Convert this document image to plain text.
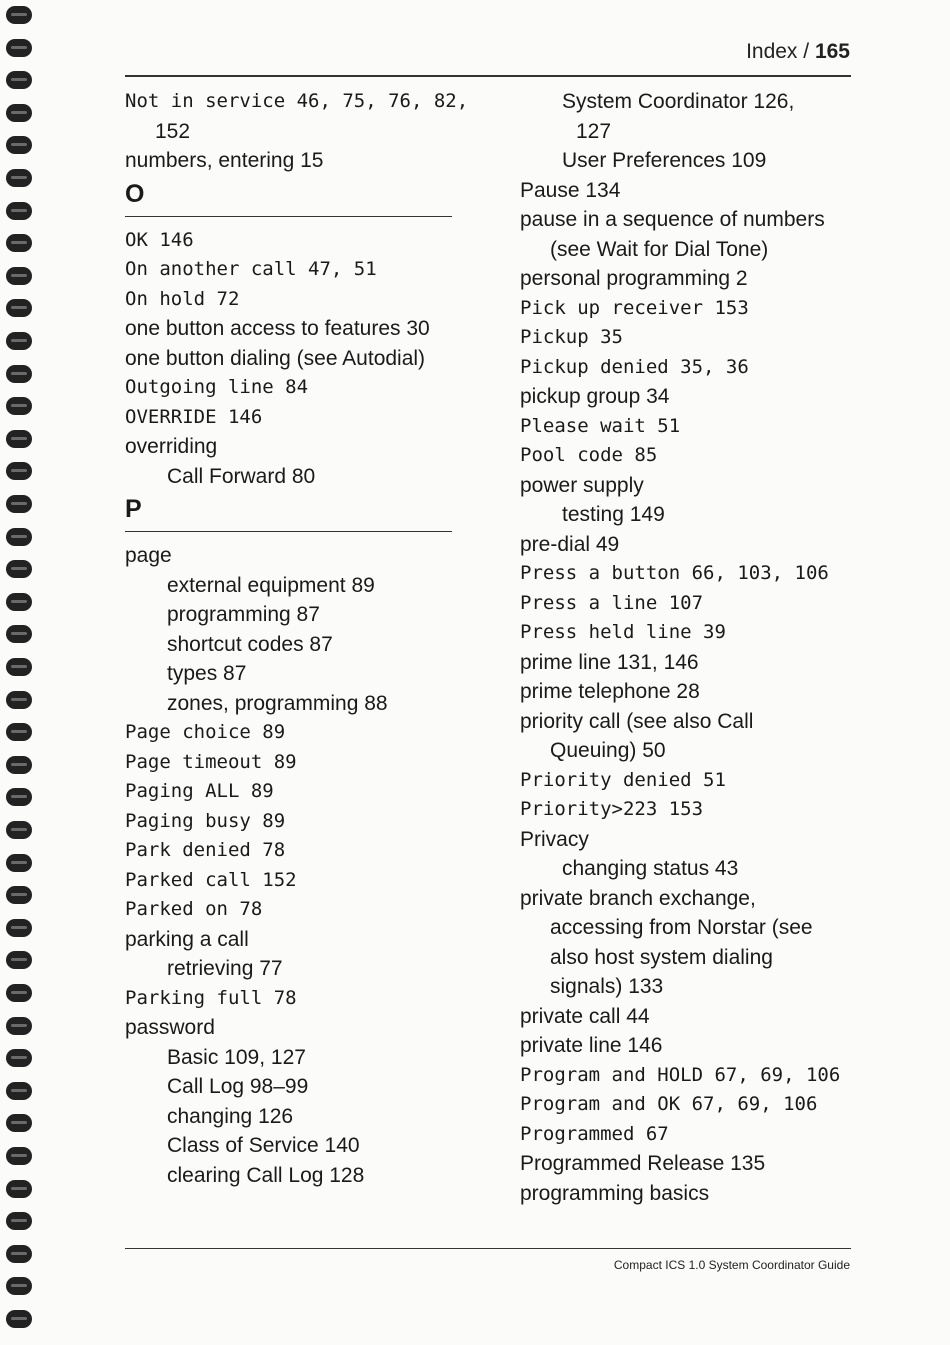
Index / 165
Not in service 46, 75, 76, 82,
152
numbers, entering 15
O
OK 146
On another call 47, 51
On hold 72
one button access to features 30
one button dialing (see Autodial)
Outgoing line 84
OVERRIDE 146
overriding
Call Forward 80
P
page
external equipment 89
programming 87
shortcut codes 87
types 87
zones, programming 88
Page choice 89
Page timeout 89
Paging ALL 89
Paging busy 89
Park denied 78
Parked call 152
Parked on 78
parking a call
retrieving 77
Parking full 78
password
Basic 109, 127
Call Log 98–99
changing 126
Class of Service 140
clearing Call Log 128
System Coordinator 126,
127
User Preferences 109
Pause 134
pause in a sequence of numbers
(see Wait for Dial Tone)
personal programming 2
Pick up receiver 153
Pickup 35
Pickup denied 35, 36
pickup group 34
Please wait 51
Pool code 85
power supply
testing 149
pre-dial 49
Press a button 66, 103, 106
Press a line 107
Press held line 39
prime line 131, 146
prime telephone 28
priority call (see also Call
Queuing) 50
Priority denied 51
Priority>223 153
Privacy
changing status 43
private branch exchange,
accessing from Norstar (see
also host system dialing
signals) 133
private call 44
private line 146
Program and HOLD 67, 69, 106
Program and OK 67, 69, 106
Programmed 67
Programmed Release 135
programming basics
Compact ICS 1.0 System Coordinator Guide
